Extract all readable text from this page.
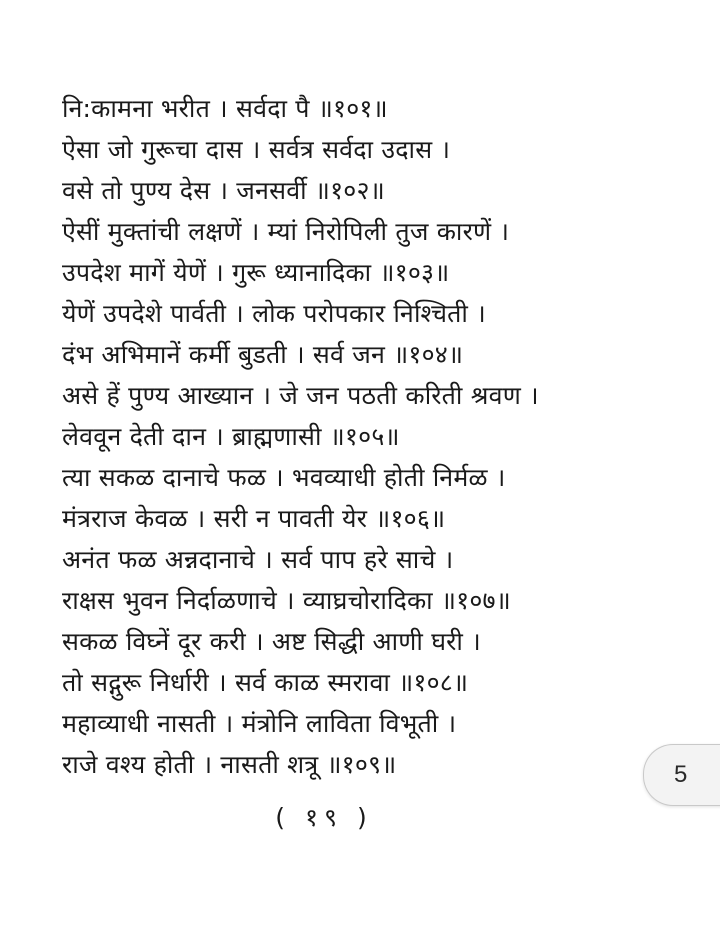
नि:कामना भरीत । सर्वदा पै ॥१०१॥
ऐसा जो गुरूचा दास । सर्वत्र सर्वदा उदास ।
वसे तो पुण्य देस । जनसर्वी ॥१०२॥
ऐसीं मुक्तांची लक्षणें । म्यां निरोपिली तुज कारणें ।
उपदेश मागें येणें । गुरू ध्यानादिका ॥१०३॥
येणें उपदेशे पार्वती । लोक परोपकार निश्चिती ।
दंभ अभिमानें कर्मी बुडती । सर्व जन ॥१०४॥
असे हें पुण्य आख्यान । जे जन पठती करिती श्रवण ।
लेववून देती दान । ब्राह्मणासी ॥१०५॥
त्या सकळ दानाचे फळ । भवव्याधी होती निर्मळ ।
मंत्रराज केवळ । सरी न पावती येर ॥१०६॥
अनंत फळ अन्नदानाचे । सर्व पाप हरे साचे ।
राक्षस भुवन निर्दाळणाचे । व्याघ्रचोरादिका ॥१०७॥
सकळ विघ्नें दूर करी । अष्ट सिद्धी आणी घरी ।
तो सद्गुरू निर्धारी । सर्व काळ स्मरावा ॥१०८॥
महाव्याधी नासती । मंत्रोनि लाविता विभूती ।
राजे वश्य होती । नासती शत्रू ॥१०९॥
( १९ )
5
